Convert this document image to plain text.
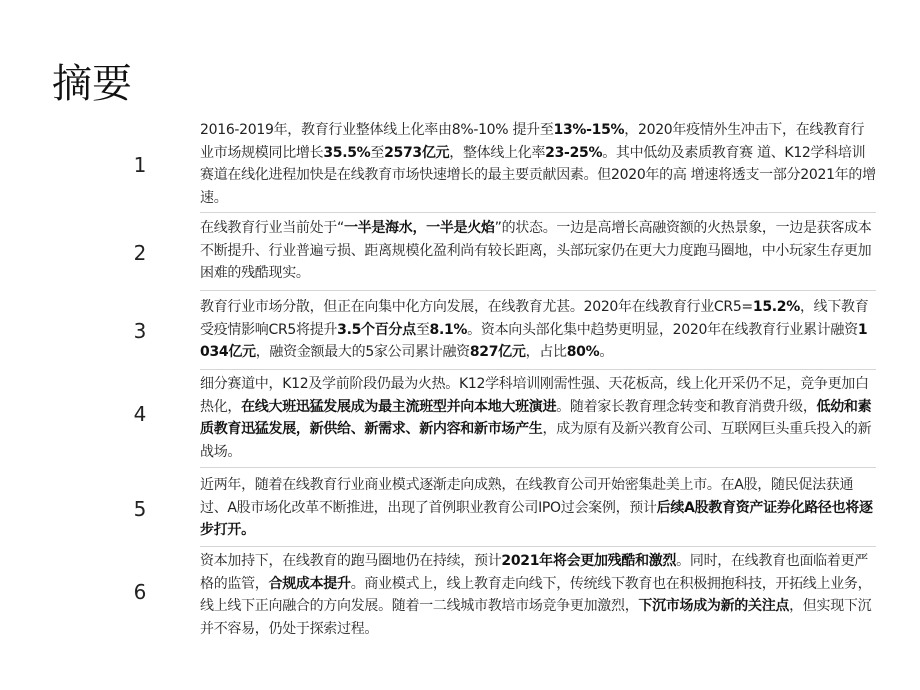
摘要
1
2016-2019年，教育行业整体线上化率由8%-10% 提升至13%-15%，2020年疫情外生冲击下，在线教育行业市场规模同比增长35.5%至2573亿元，整体线上化率23-25%。其中低幼及素质教育赛 道、K12学科培训赛道在线化进程加快是在线教育市场快速增长的最主要贡献因素。但2020年的高 增速将透支一部分2021年的增速。
2
在线教育行业当前处于“一半是海水，一半是火焰”的状态。一边是高增长高融资额的火热景象，一边是获客成本不断提升、行业普遍亏损、距离规模化盈利尚有较长距离，头部玩家仍在更大力度跑马圈地，中小玩家生存更加困难的残酷现实。
3
教育行业市场分散，但正在向集中化方向发展，在线教育尤甚。2020年在线教育行业CR5=15.2%，线下教育受疫情影响CR5将提升3.5个百分点至8.1%。资本向头部化集中趋势更明显，2020年在线教育行业累计融资1034亿元，融资金额最大的5家公司累计融资827亿元，占比80%。
4
细分赛道中，K12及学前阶段仍最为火热。K12学科培训刚需性强、天花板高，线上化开采仍不足，竞争更加白热化，在线大班迅猛发展成为最主流班型并向本地大班演进。随着家长教育理念转变和教育消费升级，低幼和素质教育迅猛发展，新供给、新需求、新内容和新市场产生，成为原有及新兴教育公司、互联网巨头重兵投入的新战场。
5
近两年，随着在线教育行业商业模式逐渐走向成熟，在线教育公司开始密集赴美上市。在A股，随民促法获通过、A股市场化改革不断推进，出现了首例职业教育公司IPO过会案例，预计后续A股教育资产证券化路径也将逐步打开。
6
资本加持下，在线教育的跑马圈地仍在持续，预计2021年将会更加残酷和激烈。同时，在线教育也面临着更严格的监管，合规成本提升。商业模式上，线上教育走向线下，传统线下教育也在积极拥抱科技，开拓线上业务，线上线下正向融合的方向发展。随着一二线城市教培市场竞争更加激烈，下沉市场成为新的关注点，但实现下沉并不容易，仍处于探索过程。
